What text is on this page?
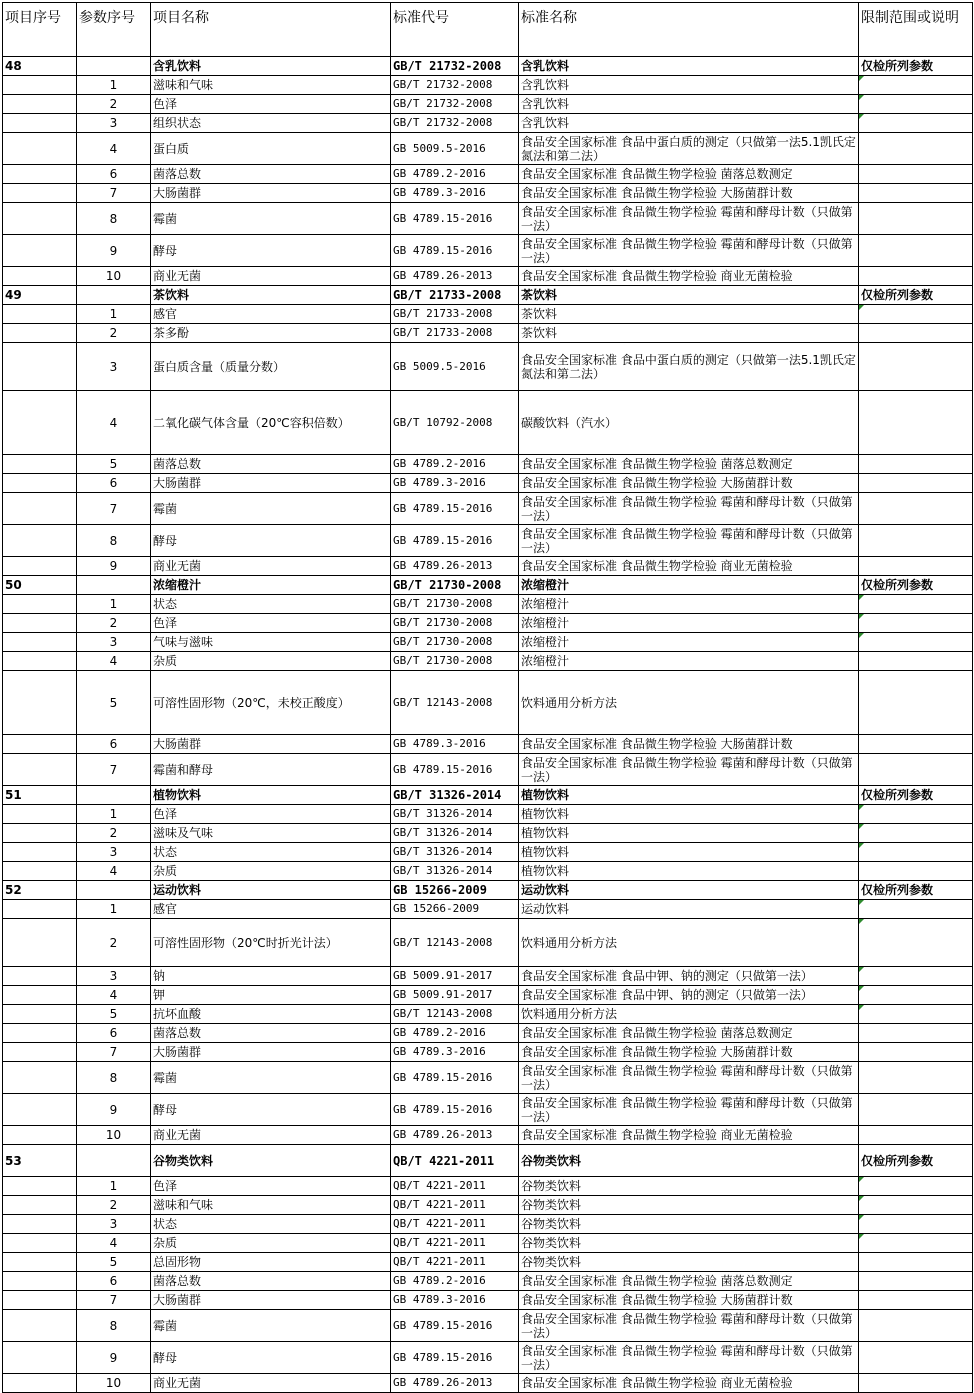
项目序号	参数序号	项目名称	标准代号	标准名称	限制范围或说明
48		含乳饮料	GB/T 21732-2008	含乳饮料	仅检所列参数
	1	滋味和气味	GB/T 21732-2008	含乳饮料	

	2	色泽	GB/T 21732-2008	含乳饮料	

	3	组织状态	GB/T 21732-2008	含乳饮料	

	4	蛋白质	GB 5009.5-2016	食品安全国家标准 食品中蛋白质的测定（只做第一法5.1凯氏定氮法和第二法）	
	6	菌落总数	GB 4789.2-2016	食品安全国家标准 食品微生物学检验 菌落总数测定	
	7	大肠菌群	GB 4789.3-2016	食品安全国家标准 食品微生物学检验 大肠菌群计数	
	8	霉菌	GB 4789.15-2016	食品安全国家标准 食品微生物学检验 霉菌和酵母计数（只做第一法）	
	9	酵母	GB 4789.15-2016	食品安全国家标准 食品微生物学检验 霉菌和酵母计数（只做第一法）	
	10	商业无菌	GB 4789.26-2013	食品安全国家标准 食品微生物学检验 商业无菌检验	
49		茶饮料	GB/T 21733-2008	茶饮料	仅检所列参数
	1	感官	GB/T 21733-2008	茶饮料	

	2	茶多酚	GB/T 21733-2008	茶饮料	
	3	蛋白质含量（质量分数）	GB 5009.5-2016	食品安全国家标准 食品中蛋白质的测定（只做第一法5.1凯氏定氮法和第二法）	
	4	二氧化碳气体含量（20℃容积倍数）	GB/T 10792-2008	碳酸饮料（汽水）	
	5	菌落总数	GB 4789.2-2016	食品安全国家标准 食品微生物学检验 菌落总数测定	
	6	大肠菌群	GB 4789.3-2016	食品安全国家标准 食品微生物学检验 大肠菌群计数	
	7	霉菌	GB 4789.15-2016	食品安全国家标准 食品微生物学检验 霉菌和酵母计数（只做第一法）	
	8	酵母	GB 4789.15-2016	食品安全国家标准 食品微生物学检验 霉菌和酵母计数（只做第一法）	
	9	商业无菌	GB 4789.26-2013	食品安全国家标准 食品微生物学检验 商业无菌检验	
50		浓缩橙汁	GB/T 21730-2008	浓缩橙汁	仅检所列参数
	1	状态	GB/T 21730-2008	浓缩橙汁	

	2	色泽	GB/T 21730-2008	浓缩橙汁	

	3	气味与滋味	GB/T 21730-2008	浓缩橙汁	

	4	杂质	GB/T 21730-2008	浓缩橙汁	
	5	可溶性固形物（20℃，未校正酸度）	GB/T 12143-2008	饮料通用分析方法	
	6	大肠菌群	GB 4789.3-2016	食品安全国家标准 食品微生物学检验 大肠菌群计数	
	7	霉菌和酵母	GB 4789.15-2016	食品安全国家标准 食品微生物学检验 霉菌和酵母计数（只做第一法）	
51		植物饮料	GB/T 31326-2014	植物饮料	仅检所列参数
	1	色泽	GB/T 31326-2014	植物饮料	

	2	滋味及气味	GB/T 31326-2014	植物饮料	

	3	状态	GB/T 31326-2014	植物饮料	

	4	杂质	GB/T 31326-2014	植物饮料	
52		运动饮料	GB 15266-2009	运动饮料	仅检所列参数
	1	感官	GB 15266-2009	运动饮料	

	2	可溶性固形物（20℃时折光计法）	GB/T 12143-2008	饮料通用分析方法	

	3	钠	GB 5009.91-2017	食品安全国家标准 食品中钾、钠的测定（只做第一法）	

	4	钾	GB 5009.91-2017	食品安全国家标准 食品中钾、钠的测定（只做第一法）	

	5	抗坏血酸	GB/T 12143-2008	饮料通用分析方法	

	6	菌落总数	GB 4789.2-2016	食品安全国家标准 食品微生物学检验 菌落总数测定	
	7	大肠菌群	GB 4789.3-2016	食品安全国家标准 食品微生物学检验 大肠菌群计数	
	8	霉菌	GB 4789.15-2016	食品安全国家标准 食品微生物学检验 霉菌和酵母计数（只做第一法）	
	9	酵母	GB 4789.15-2016	食品安全国家标准 食品微生物学检验 霉菌和酵母计数（只做第一法）	
	10	商业无菌	GB 4789.26-2013	食品安全国家标准 食品微生物学检验 商业无菌检验	
53		谷物类饮料	QB/T 4221-2011	谷物类饮料	仅检所列参数
	1	色泽	QB/T 4221-2011	谷物类饮料	

	2	滋味和气味	QB/T 4221-2011	谷物类饮料	

	3	状态	QB/T 4221-2011	谷物类饮料	

	4	杂质	QB/T 4221-2011	谷物类饮料	

	5	总固形物	QB/T 4221-2011	谷物类饮料	
	6	菌落总数	GB 4789.2-2016	食品安全国家标准 食品微生物学检验 菌落总数测定	
	7	大肠菌群	GB 4789.3-2016	食品安全国家标准 食品微生物学检验 大肠菌群计数	
	8	霉菌	GB 4789.15-2016	食品安全国家标准 食品微生物学检验 霉菌和酵母计数（只做第一法）	
	9	酵母	GB 4789.15-2016	食品安全国家标准 食品微生物学检验 霉菌和酵母计数（只做第一法）	
	10	商业无菌	GB 4789.26-2013	食品安全国家标准 食品微生物学检验 商业无菌检验	
